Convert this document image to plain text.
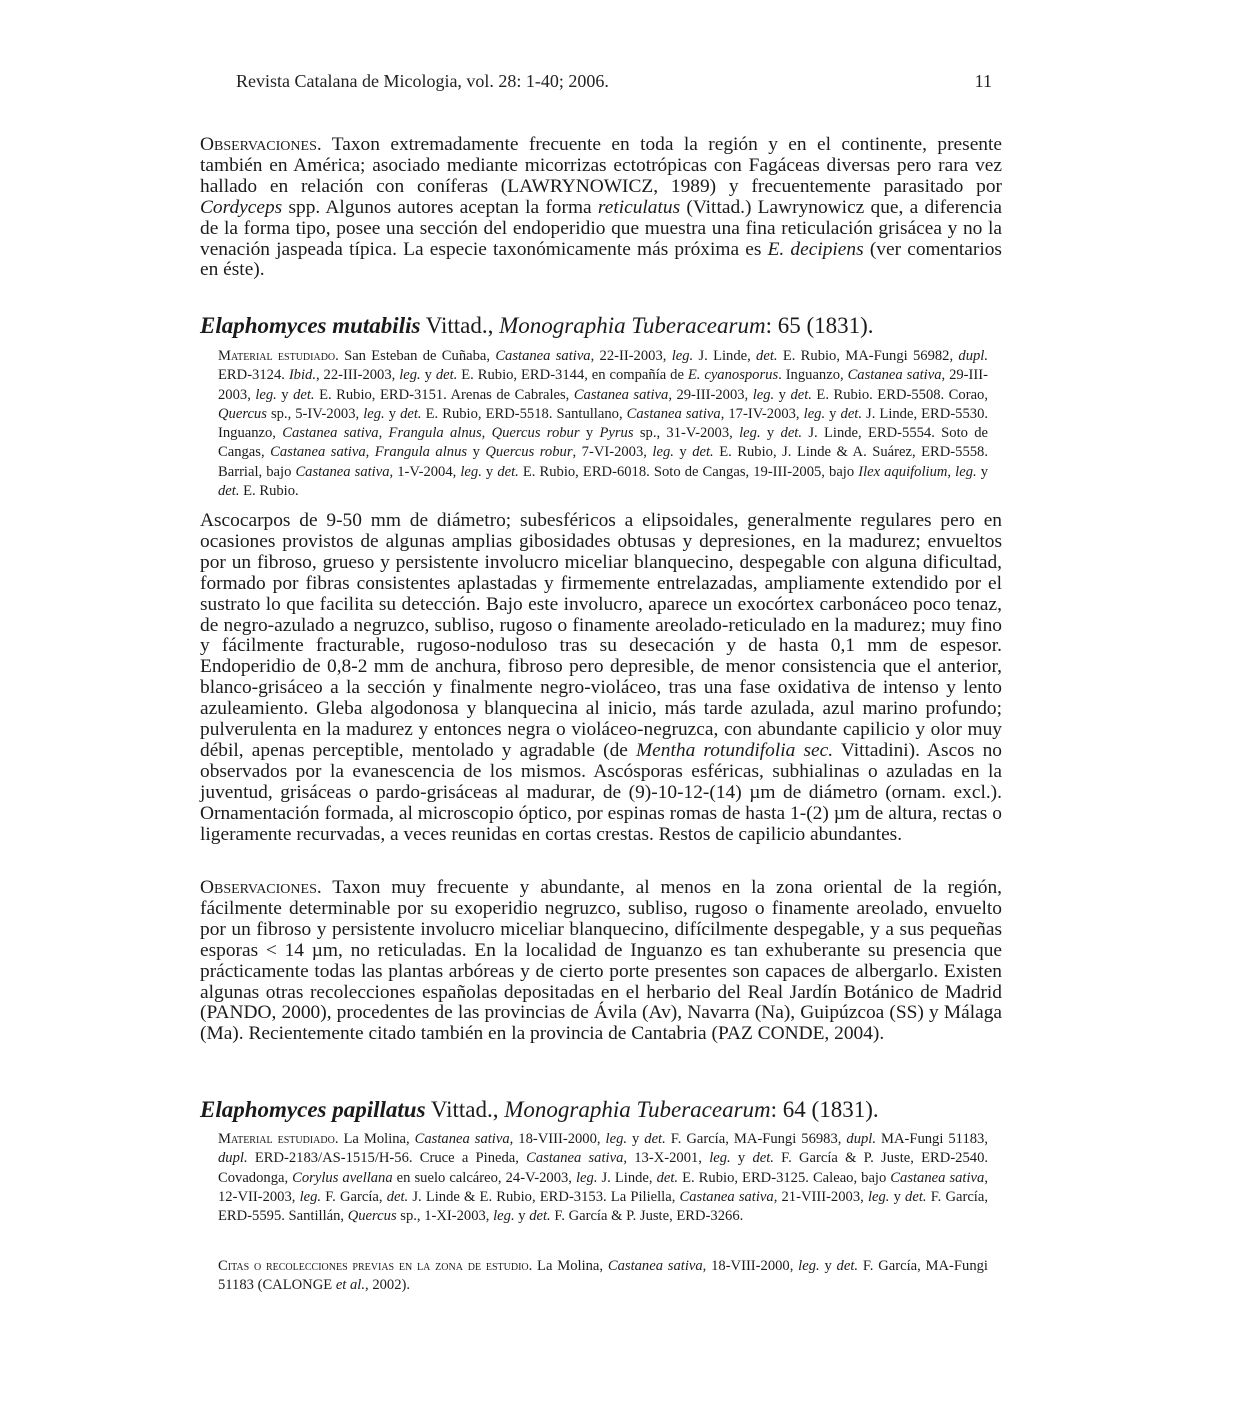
Revista Catalana de Micologia, vol. 28: 1-40; 2006.	11
Observaciones. Taxon extremadamente frecuente en toda la región y en el continente, presente también en América; asociado mediante micorrizas ectotrópicas con Fagáceas diversas pero rara vez hallado en relación con coníferas (LAWRYNOWICZ, 1989) y frecuentemente parasitado por Cordyceps spp. Algunos autores aceptan la forma reticulatus (Vittad.) Lawrynowicz que, a diferencia de la forma tipo, posee una sección del endoperidio que muestra una fina reticulación grisácea y no la venación jaspeada típica. La especie taxonómicamente más próxima es E. decipiens (ver comentarios en éste).
Elaphomyces mutabilis Vittad., Monographia Tuberacearum: 65 (1831).
Material estudiado. San Esteban de Cuñaba, Castanea sativa, 22-II-2003, leg. J. Linde, det. E. Rubio, MA-Fungi 56982, dupl. ERD-3124. Ibid., 22-III-2003, leg. y det. E. Rubio, ERD-3144, en compañía de E. cyanosporus. Inguanzo, Castanea sativa, 29-III-2003, leg. y det. E. Rubio, ERD-3151. Arenas de Cabrales, Castanea sativa, 29-III-2003, leg. y det. E. Rubio. ERD-5508. Corao, Quercus sp., 5-IV-2003, leg. y det. E. Rubio, ERD-5518. Santullano, Castanea sativa, 17-IV-2003, leg. y det. J. Linde, ERD-5530. Inguanzo, Castanea sativa, Frangula alnus, Quercus robur y Pyrus sp., 31-V-2003, leg. y det. J. Linde, ERD-5554. Soto de Cangas, Castanea sativa, Frangula alnus y Quercus robur, 7-VI-2003, leg. y det. E. Rubio, J. Linde & A. Suárez, ERD-5558. Barrial, bajo Castanea sativa, 1-V-2004, leg. y det. E. Rubio, ERD-6018. Soto de Cangas, 19-III-2005, bajo Ilex aquifolium, leg. y det. E. Rubio.
Ascocarpos de 9-50 mm de diámetro; subesféricos a elipsoidales, generalmente regulares pero en ocasiones provistos de algunas amplias gibosidades obtusas y depresiones, en la madurez; envueltos por un fibroso, grueso y persistente involucro miceliar blanquecino, despegable con alguna dificultad, formado por fibras consistentes aplastadas y firmemente entrelazadas, ampliamente extendido por el sustrato lo que facilita su detección. Bajo este involucro, aparece un exocórtex carbonáceo poco tenaz, de negro-azulado a negruzco, subliso, rugoso o finamente areolado-reticulado en la madurez; muy fino y fácilmente fracturable, rugoso-noduloso tras su desecación y de hasta 0,1 mm de espesor. Endoperidio de 0,8-2 mm de anchura, fibroso pero depresible, de menor consistencia que el anterior, blanco-grisáceo a la sección y finalmente negro-violáceo, tras una fase oxidativa de intenso y lento azuleamiento. Gleba algodonosa y blanquecina al inicio, más tarde azulada, azul marino profundo; pulverulenta en la madurez y entonces negra o violáceo-negruzca, con abundante capilicio y olor muy débil, apenas perceptible, mentolado y agradable (de Mentha rotundifolia sec. Vittadini). Ascos no observados por la evanescencia de los mismos. Ascósporas esféricas, subhialinas o azuladas en la juventud, grisáceas o pardo-grisáceas al madurar, de (9)-10-12-(14) µm de diámetro (ornam. excl.). Ornamentación formada, al microscopio óptico, por espinas romas de hasta 1-(2) µm de altura, rectas o ligeramente recurvadas, a veces reunidas en cortas crestas. Restos de capilicio abundantes.
Observaciones. Taxon muy frecuente y abundante, al menos en la zona oriental de la región, fácilmente determinable por su exoperidio negruzco, subliso, rugoso o finamente areolado, envuelto por un fibroso y persistente involucro miceliar blanquecino, difícilmente despegable, y a sus pequeñas esporas < 14 µm, no reticuladas. En la localidad de Inguanzo es tan exhuberante su presencia que prácticamente todas las plantas arbóreas y de cierto porte presentes son capaces de albergarlo. Existen algunas otras recolecciones españolas depositadas en el herbario del Real Jardín Botánico de Madrid (PANDO, 2000), procedentes de las provincias de Ávila (Av), Navarra (Na), Guipúzcoa (SS) y Málaga (Ma). Recientemente citado también en la provincia de Cantabria (PAZ CONDE, 2004).
Elaphomyces papillatus Vittad., Monographia Tuberacearum: 64 (1831).
Material estudiado. La Molina, Castanea sativa, 18-VIII-2000, leg. y det. F. García, MA-Fungi 56983, dupl. MA-Fungi 51183, dupl. ERD-2183/AS-1515/H-56. Cruce a Pineda, Castanea sativa, 13-X-2001, leg. y det. F. García & P. Juste, ERD-2540. Covadonga, Corylus avellana en suelo calcáreo, 24-V-2003, leg. J. Linde, det. E. Rubio, ERD-3125. Caleao, bajo Castanea sativa, 12-VII-2003, leg. F. García, det. J. Linde & E. Rubio, ERD-3153. La Piliella, Castanea sativa, 21-VIII-2003, leg. y det. F. García, ERD-5595. Santillán, Quercus sp., 1-XI-2003, leg. y det. F. García & P. Juste, ERD-3266.
Citas o recolecciones previas en la zona de estudio. La Molina, Castanea sativa, 18-VIII-2000, leg. y det. F. García, MA-Fungi 51183 (CALONGE et al., 2002).
